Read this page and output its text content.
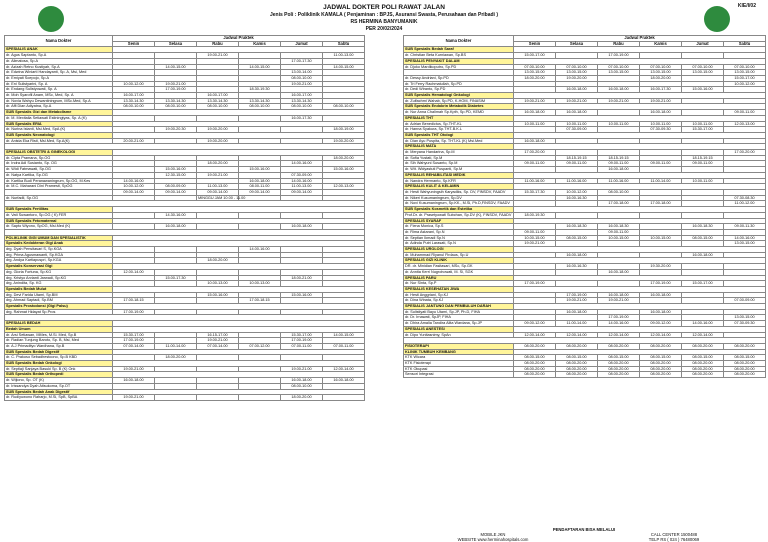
KIE/I/02
JADWAL DOKTER POLI RAWAT JALAN
Jenis Poli : Poliklinik KAMALA ( Penjaminan : BPJS, Asuransi Swasta, Perusahaan dan Pribadi )
RS HERMINA BANYUMANIK
PER 20/02/2024
Nama Dokter	Jadwal Praktek					
	Senin	Selasa	Rabu	Kamis	Jumat	Sabtu
SPESIALIS ANAK						
dr. Agus Saptanto, Sp.A			19.00-21.00			11.00-13.00
dr. Alimatosa, Sp.A					17.00-17.30	
dr. Azizah Retno Kustiyah, Sp.A		14.00-15.00		14.00-15.00		14.00-15.00
dr. Edwina Winiarti Handayanti, Sp. A, Msi, Med					13.00-14.00	
dr. Emiyati Soepojo, Sp.A					08.00-10.00	
dr. Eni Sulistyarini, Sp. A	10.00-12.00	19.00-21.00			19.00-21.00	
dr. Endang Sulistyowati, Sp. A		17.00-19.00		18.30-19.30		
dr. Moh Syarofil Anam, MSc, Med, Sp. A	16.00-17.00		16.00-17.00		16.00-17.00	
dr. Novia Wahyu Dewantiningrum, MSc.Med, Sp.A	13.30-14.30	13.30-14.30	13.30-14.30	13.30-14.30	13.30-14.30	
dr. Affi Dian Adiyatna, Sp.A	08.00-10.00	08.00-10.00	08.00-10.00	08.00-10.00	08.00-10.00	08.00-10.00
SUB Spesialis Gizi dan Metabolisme						
dr. M. Mexitalia Setiawati Estiningtyas, Sp. A (K)					16.00-17.30	
SUB Spesialis ERIA						
dr. Nurina Istanti, Msi.Med, SpA (K)		19.00-20.30	19.00-20.00			18.00-19.00
SUB Spesialis Neonatologi						
dr. Anista Eka Risti, Msi.Med, Sp.A(K)	20.00-21.00		19.00-20.00			19.00-20.00

SPESIALIS OBSTETRI & GINEKOLOGI						
dr. Cipta Pramana, Sp.OG						18.00-20.00
dr. Indra Adi Susianto, Sp. OG			18.00-20.00		14.00-16.00	
dr. Widi Fatmawati, Sp.OG		15.00-16.00		15.00-16.00		15.00-16.00
dr. Natya Kartika, Sp.OG		12.30-15.00	19.00-21.00		07.30-09.00	
dr. Kartika Budi Peranawaningrum, Sp.OG, M.Kes	14.00-16.00			16.00-18.00	14.00-16.00	
dr. M.C. Maharani Dini Pramesti, SpOG	10.00-12.00	08.00-09.00	11.00-13.00	08.00-11.00	11.00-13.00	12.00-13.00
	09.00-14.00	09.00-14.00	09.00-14.00	09.00-14.00	09.00-14.00	
dr. Nurfadli, Sp.OG			MINGGU JAM 10.00 - 11.00			

SUB Spesialis Fertilitas						
dr. Vati Suwantoro, Sp.OG ( K) FER		14.30-16.00				
SUB Spesialis Fetomaternal						
dr. Sapto Wiyono, SpOG, Msi.Med (K)		16.00-18.00			16.00-18.00	

POLIKLINIK GIGI UMUM DAN SPESIALISTIK						
Spesialis Kedokteran Gigi Anak						
drg. Dyah Perwitasari S, Sp.KGA				14.00-16.00		
drg. Prima Agusmawanti, Sp.KGA						
drg. Andya Kartiapuspri, Sp.KGA			18.00-20.00			
Spesialis Konservasi Gigi						
drg. Gloria Fortuna, Sp.KG	12.00-14.00					
drg. Kristyo Arvianti Jarwadi, Sp.KG		15.00-17.30			18.00-21.00	
drg. Anindita, Sp. KG			10.00-13.00	10.00-13.00		
Spesialis Bedah Mulut						
drg. Devi Farida Utami, Sp.BM			15.00-16.00		15.00-16.00	
drg. Ahmad Saptadi, Sp.BM	17.00-18.15			17.00-18.15		
Spesialis Prostodonsi (Gigi Palsu)						
drg. Rahmat Hidayat Sp.Pros	17.00-19.00					

SPESIALIS BEDAH						
Bedah Umum						
dr. Arsi Setiawan, MMes, M.Si. Med, Sp.B	15.30-17.00		16.15-17.00		15.30-17.00	14.00-15.00
dr. Radian Tunjung Baroto, Sp. B, Msi, Med	17.00-19.00		19.00-21.00		17.00-19.00	
dr. A.J Primadityo Wardhana, Sp.B	07.00-14.00	11.00-14.00	07.00-14.00	07.00-12.00	07.00-11.00	07.00-11.00
SUB Spesialis Bedah Digestif						
dr. C. Prakoso Sebadhestoono, Sp.B KBD		18.00-20.00				
SUB Spesialis Bedah Onkologi						
dr. Septiaji Sanjaya Basuki Sp. B (K) Onk	19.00-21.00				19.00-21.00	12.00-14.00
SUB Spesialis Bedah Orthopedi						
dr. Wijiono, Sp. OT (K)	16.00-18.00				16.00-18.00	16.00-18.00
dr. Irissandya Dyah Atisukoma, Sp.OT					08.00-10.00	
SUB Spesialis Bedah Anak Digestif						
dr. Rudiyuwono Raharjo, M.Si, SpB, SpBA	19.00-21.00				18.00-20.00	
Nama Dokter	Jadwal Praktek					
	Senin	Selasa	Rabu	Kamis	Jumat	Sabtu
SUB Spesialis Bedah Saraf						
dr. Christian Beta Kurniawan, Sp.BS	15.00-17.00		17.00-19.00			
SPESIALIS PENYAKIT DALAM						
dr. Djoko Mardikoputro, Sp.PD	07.00-10.00	07.00-10.00	07.00-10.00	07.00-10.00	07.00-10.00	07.00-10.00
	13.00-15.00	13.00-15.00	13.00-15.00	13.00-15.00	13.00-15.00	13.00-15.00
dr. Dessy Andriani, Sp.PD	18.00-20.00	19.00-20.00		18.00-20.00		15.00-17.00
dr. Tri Ferry Rachmatullah, Sp.PD						10.00-12.00
dr. Dedi Wiranto, Sp.PD		16.00-18.00	16.00-18.00	16.00-17.30	15.00-16.00	
SUB Spesialis Hematologi Onkologi						
dr. Zulfachmi Wahab, Sp.PD, K-HOM, FINASIM	19.00-21.00	19.00-21.00	19.00-21.00	19.00-21.00		
SUB Spesialis Endokrin Metabolik Diabetes						
dr. Nur Anna Chalimah Sp.Kpth, Sp.PD, KEMD	16.00-18.00	16.00-18.00		16.00-18.00		09.00-11.00
SPESIALIS THT						
dr. Adrian Benedictus, Sp.THT-KL	10.00-11.00	10.00-11.00	10.00-11.00	10.00-11.00	10.00-11.00	12.00-13.00
dr. Hanna Syakura, Sp.THT-B.K.L		07.30-09.00		07.30-09.30	15.30-17.00	
SUB Spesialis THT Otologi						
dr. Dian Ayu Puspita, Sp. THT-KL (K) Msi.Med	16.00-18.00					
SPESIALIS MATA						
dr. Meryana Handarina, Sp.M	17.00-20.00					17.00-20.00
dr. Sofia Yustati, Sp.M		18.15-19.15	18.15-19.15		18.15-19.15	
dr. Sih Wahyuni Susanto, Sp.M	09.00-11.00	09.00-11.00	09.00-11.00	09.00-11.00	09.00-11.00	
dr. Wit. Widyastuti Puspanti, Sp.M			16.00-18.00			
SPESIALIS REHABILITASI MEDIK						
dr. Nandra Hermanto, Sp.KFR	11.00-16.00	11.00-16.00	11.00-16.00	11.00-14.00	10.00-11.00	
SPESIALIS KULIT & KELAMIN						
dr. Hesti Wahyuningsih Karyadiks, Sp. DV, FINSDV, FAADV	15.30-17.30	10.00-12.00	08.00-10.00			
dr. Nikeri Kusumaningrum, Sp.DV		16.00-16.30				07.30-08.30
dr. Novi Kusumaningrum, Sp.KK., M.Si, Ph.D,FINSDV, FAADV			17.00-18.00	17.00-18.00		11.00-12.00
SUB Spesialis Kosmetik dan Estetika						
Prof.Dr. dr. Prasetyowati Subchan, Sp.DV (K), FINSDV, FAADV	18.00-19.30					
SPESIALIS SYARAF						
dr. Fiena Monica, Sp.S		16.00-18.30	16.00-18.30		16.00-18.30	09.00-11.30
dr. Rima Astarani, Sp.N	09.00-11.00		09.00-11.00			
dr. Septian Ikmadi Sp.N	10.00-15.00	08.00-15.00	10.00-15.00	10.00-15.00	08.00-15.00	14.00-16.00
dr. Adinda Putri Larasati, Sp.N	19.00-21.00					13.00-15.00
SPESIALIS UROLOGI						
dr. Muhammad Riyanul Firdaus, Sp.U		16.00-18.00			16.00-18.00	
SPESIALIS GIZI KLINIK						
DR. dr. Minidian Fasitasari, MSc, Sp.GK		16.00-16.30		19.30-20.00		
dr. Annita Kerri Nugrohowati, M. Si, SGK			16.00-18.00			
SPESIALIS PARU						
dr. Nur Sinta, Sp.P	17.00-19.00			17.00-19.00	15.00-17.00	
SPESIALIS KESEHATAN JIWA						
dr. Hesti Anggriani, Sp.KJ		17.00-19.00	16.00-18.00	16.00-18.00		
dr. Dina Winata, Sp.KJ		19.00-21.00	19.00-21.00			07.00-09.00
SPESIALIS JANTUNG DAN PEMBULUH DARAH						
dr. Sulistiyati Bayu Utami, Sp.JP, Ph.D, FIHA		16.00-18.00		16.00-18.00		
dr. Dr. Irnawati, SpJP, FIHA			17.00-19.00			13.00-15.00
dr. Dhira Amalia Tandira Alita Wardana, Sp.JP	09.00-12.00	11.00-14.00	14.00-16.00	09.00-12.00	14.00-16.00	07.30-09.30
SPESIALIS ANESTESI						
dr. Dipo Yunitasnimy, SpAn	12.00-14.00	12.00-14.00	12.00-14.00	12.00-14.00	12.00-14.00	

FISIOTERAPI	08.00-20.00	08.00-20.00	08.00-20.00	08.00-20.00	08.00-20.00	08.00-20.00
KLINIK TUMBUH KEMBANG						
KTK Wicara	08.00-15.00	08.00-15.00	08.00-15.00	08.00-15.00	08.00-15.00	08.00-15.00
KTK Fisioterapi	08.00-20.00	08.00-20.00	08.00-20.00	08.00-20.00	08.00-20.00	08.00-20.00
KTK Okupasi	08.00-20.00	08.00-20.00	08.00-20.00	08.00-20.00	08.00-20.00	08.00-20.00
Sensori Integrasi	08.00-20.00	08.00-20.00	08.00-20.00	08.00-20.00	08.00-20.00	08.00-20.00
PENDAFTARAN BISA MELALUI
MOBILE JKN
WEBSITE www.herminahospitals.com
CALL CENTER 1500488
TELP RS ( 024 ) 76480069
